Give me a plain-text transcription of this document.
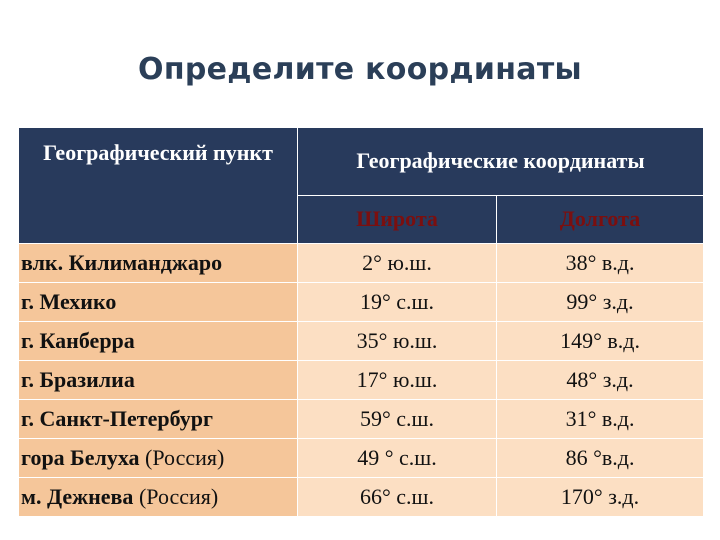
Определите координаты
Географический пункт	Географические координаты	
	Широта	Долгота
влк. Килиманджаро	2° ю.ш.	38° в.д.
г. Мехико	19° с.ш.	99° з.д.
г. Канберра	35° ю.ш.	149° в.д.
г. Бразилиа	17° ю.ш.	48° з.д.
г. Санкт-Петербург	59° с.ш.	31° в.д.
гора Белуха (Россия)	49 ° с.ш.	86 °в.д.
м. Дежнева (Россия)	66° с.ш.	170° з.д.
